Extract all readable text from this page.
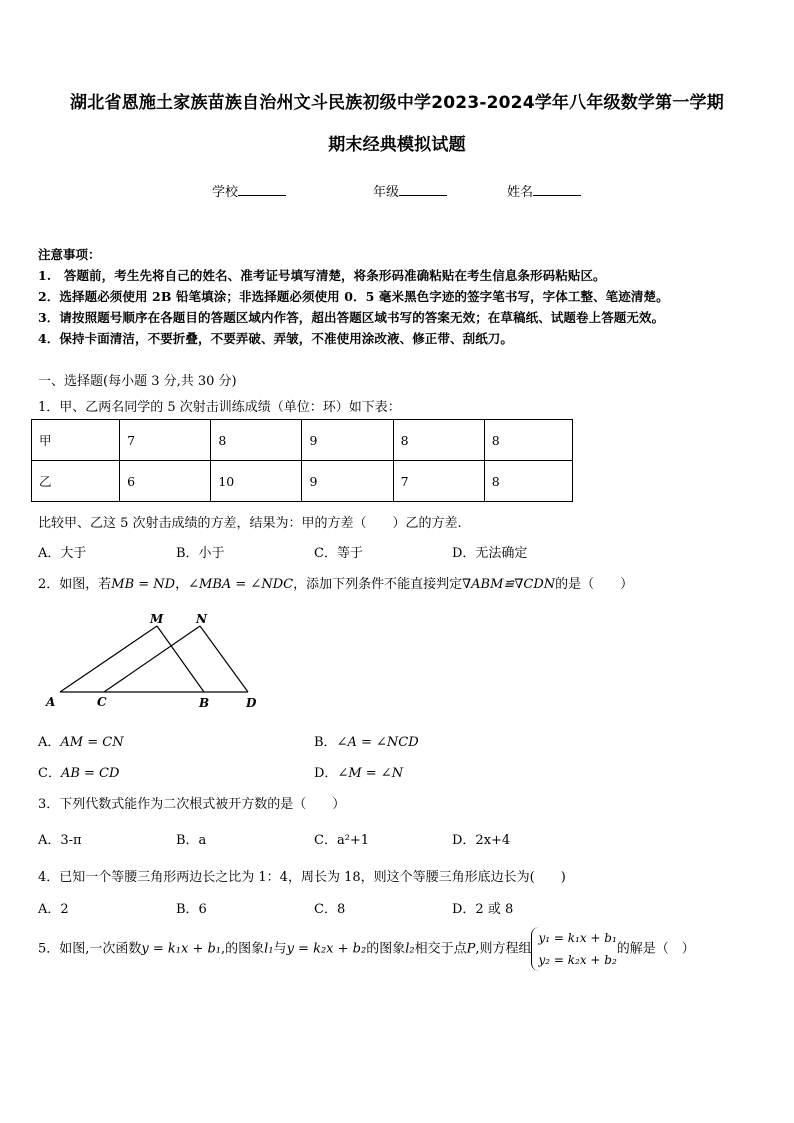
湖北省恩施土家族苗族自治州文斗民族初级中学2023-2024学年八年级数学第一学期
期末经典模拟试题
学校	年级	姓名
注意事项：
1.　答题前，考生先将自己的姓名、准考证号填写清楚，将条形码准确粘贴在考生信息条形码粘贴区。
2．选择题必须使用 2B 铅笔填涂；非选择题必须使用 0．5 毫米黑色字迹的签字笔书写，字体工整、笔迹清楚。
3．请按照题号顺序在各题目的答题区域内作答，超出答题区域书写的答案无效；在草稿纸、试题卷上答题无效。
4．保持卡面清洁，不要折叠，不要弄破、弄皱，不准使用涂改液、修正带、刮纸刀。
一、选择题(每小题 3 分,共 30 分)
1．甲、乙两名同学的 5 次射击训练成绩（单位：环）如下表：
甲	7	8	9	8	8
乙	6	10	9	7	8
比较甲、乙这 5 次射击成绩的方差，结果为：甲的方差（　　）乙的方差.
A．大于	B．小于	C．等于	D．无法确定
2．如图，若MB = ND，∠MBA = ∠NDC，添加下列条件不能直接判定∇ABM≌∇CDN的是（　　）
M	N
A	C	B	D
A．AM = CN	B．∠A = ∠NCD
C．AB = CD	D．∠M = ∠N
3．下列代数式能作为二次根式被开方数的是（　　）
A．3-π	B．a	C．a²+1	D．2x+4
4．已知一个等腰三角形两边长之比为 1：4，周长为 18，则这个等腰三角形底边长为(　　)
A．2	B．6	C．8	D．2 或 8
5．如图,一次函数y = k₁x + b₁,的图象l₁与y = k₂x + b₂的图象l₂相交于点P,则方程组
y₁ = k₁x + b₁
y₂ = k₂x + b₂
的解是（　）
